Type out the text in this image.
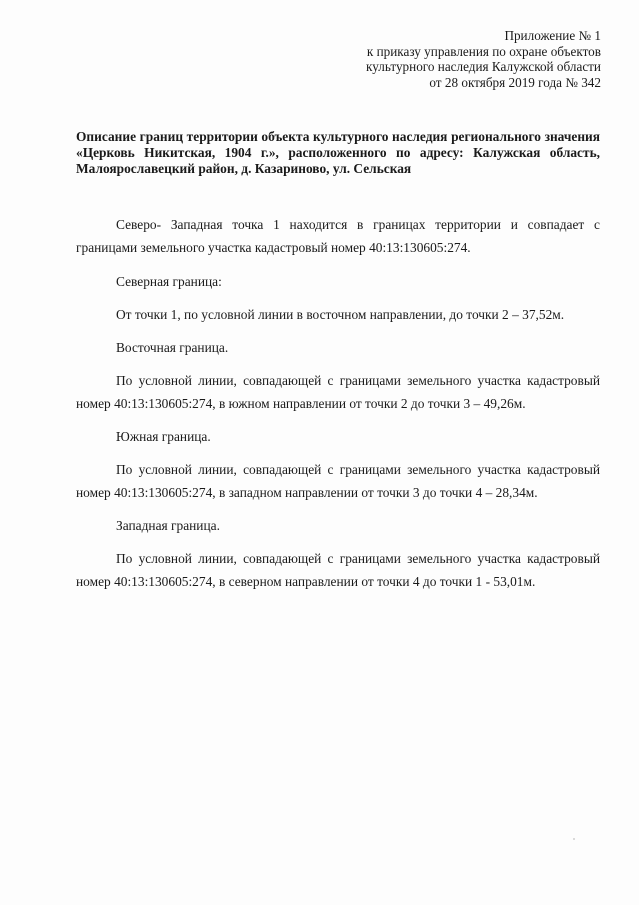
Приложение № 1
к приказу управления по охране объектов
культурного наследия Калужской области
от 28 октября 2019 года № 342
Описание границ территории объекта культурного наследия регионального значения «Церковь Никитская, 1904 г.», расположенного по адресу: Калужская область, Малоярославецкий район, д. Казариново, ул. Сельская

Северо- Западная точка 1 находится в границах территории и совпадает с границами земельного участка кадастровый номер 40:13:130605:274.

Северная граница:

От точки 1, по условной линии в восточном направлении, до точки 2 – 37,52м.

Восточная граница.

По условной линии, совпадающей с границами земельного участка кадастровый номер 40:13:130605:274, в южном направлении от точки 2 до точки 3 – 49,26м.

Южная граница.

По условной линии, совпадающей с границами земельного участка кадастровый номер 40:13:130605:274, в западном направлении от точки 3 до точки 4 – 28,34м.

Западная граница.

По условной линии, совпадающей с границами земельного участка кадастровый номер 40:13:130605:274, в северном направлении от точки 4 до точки 1 - 53,01м.
